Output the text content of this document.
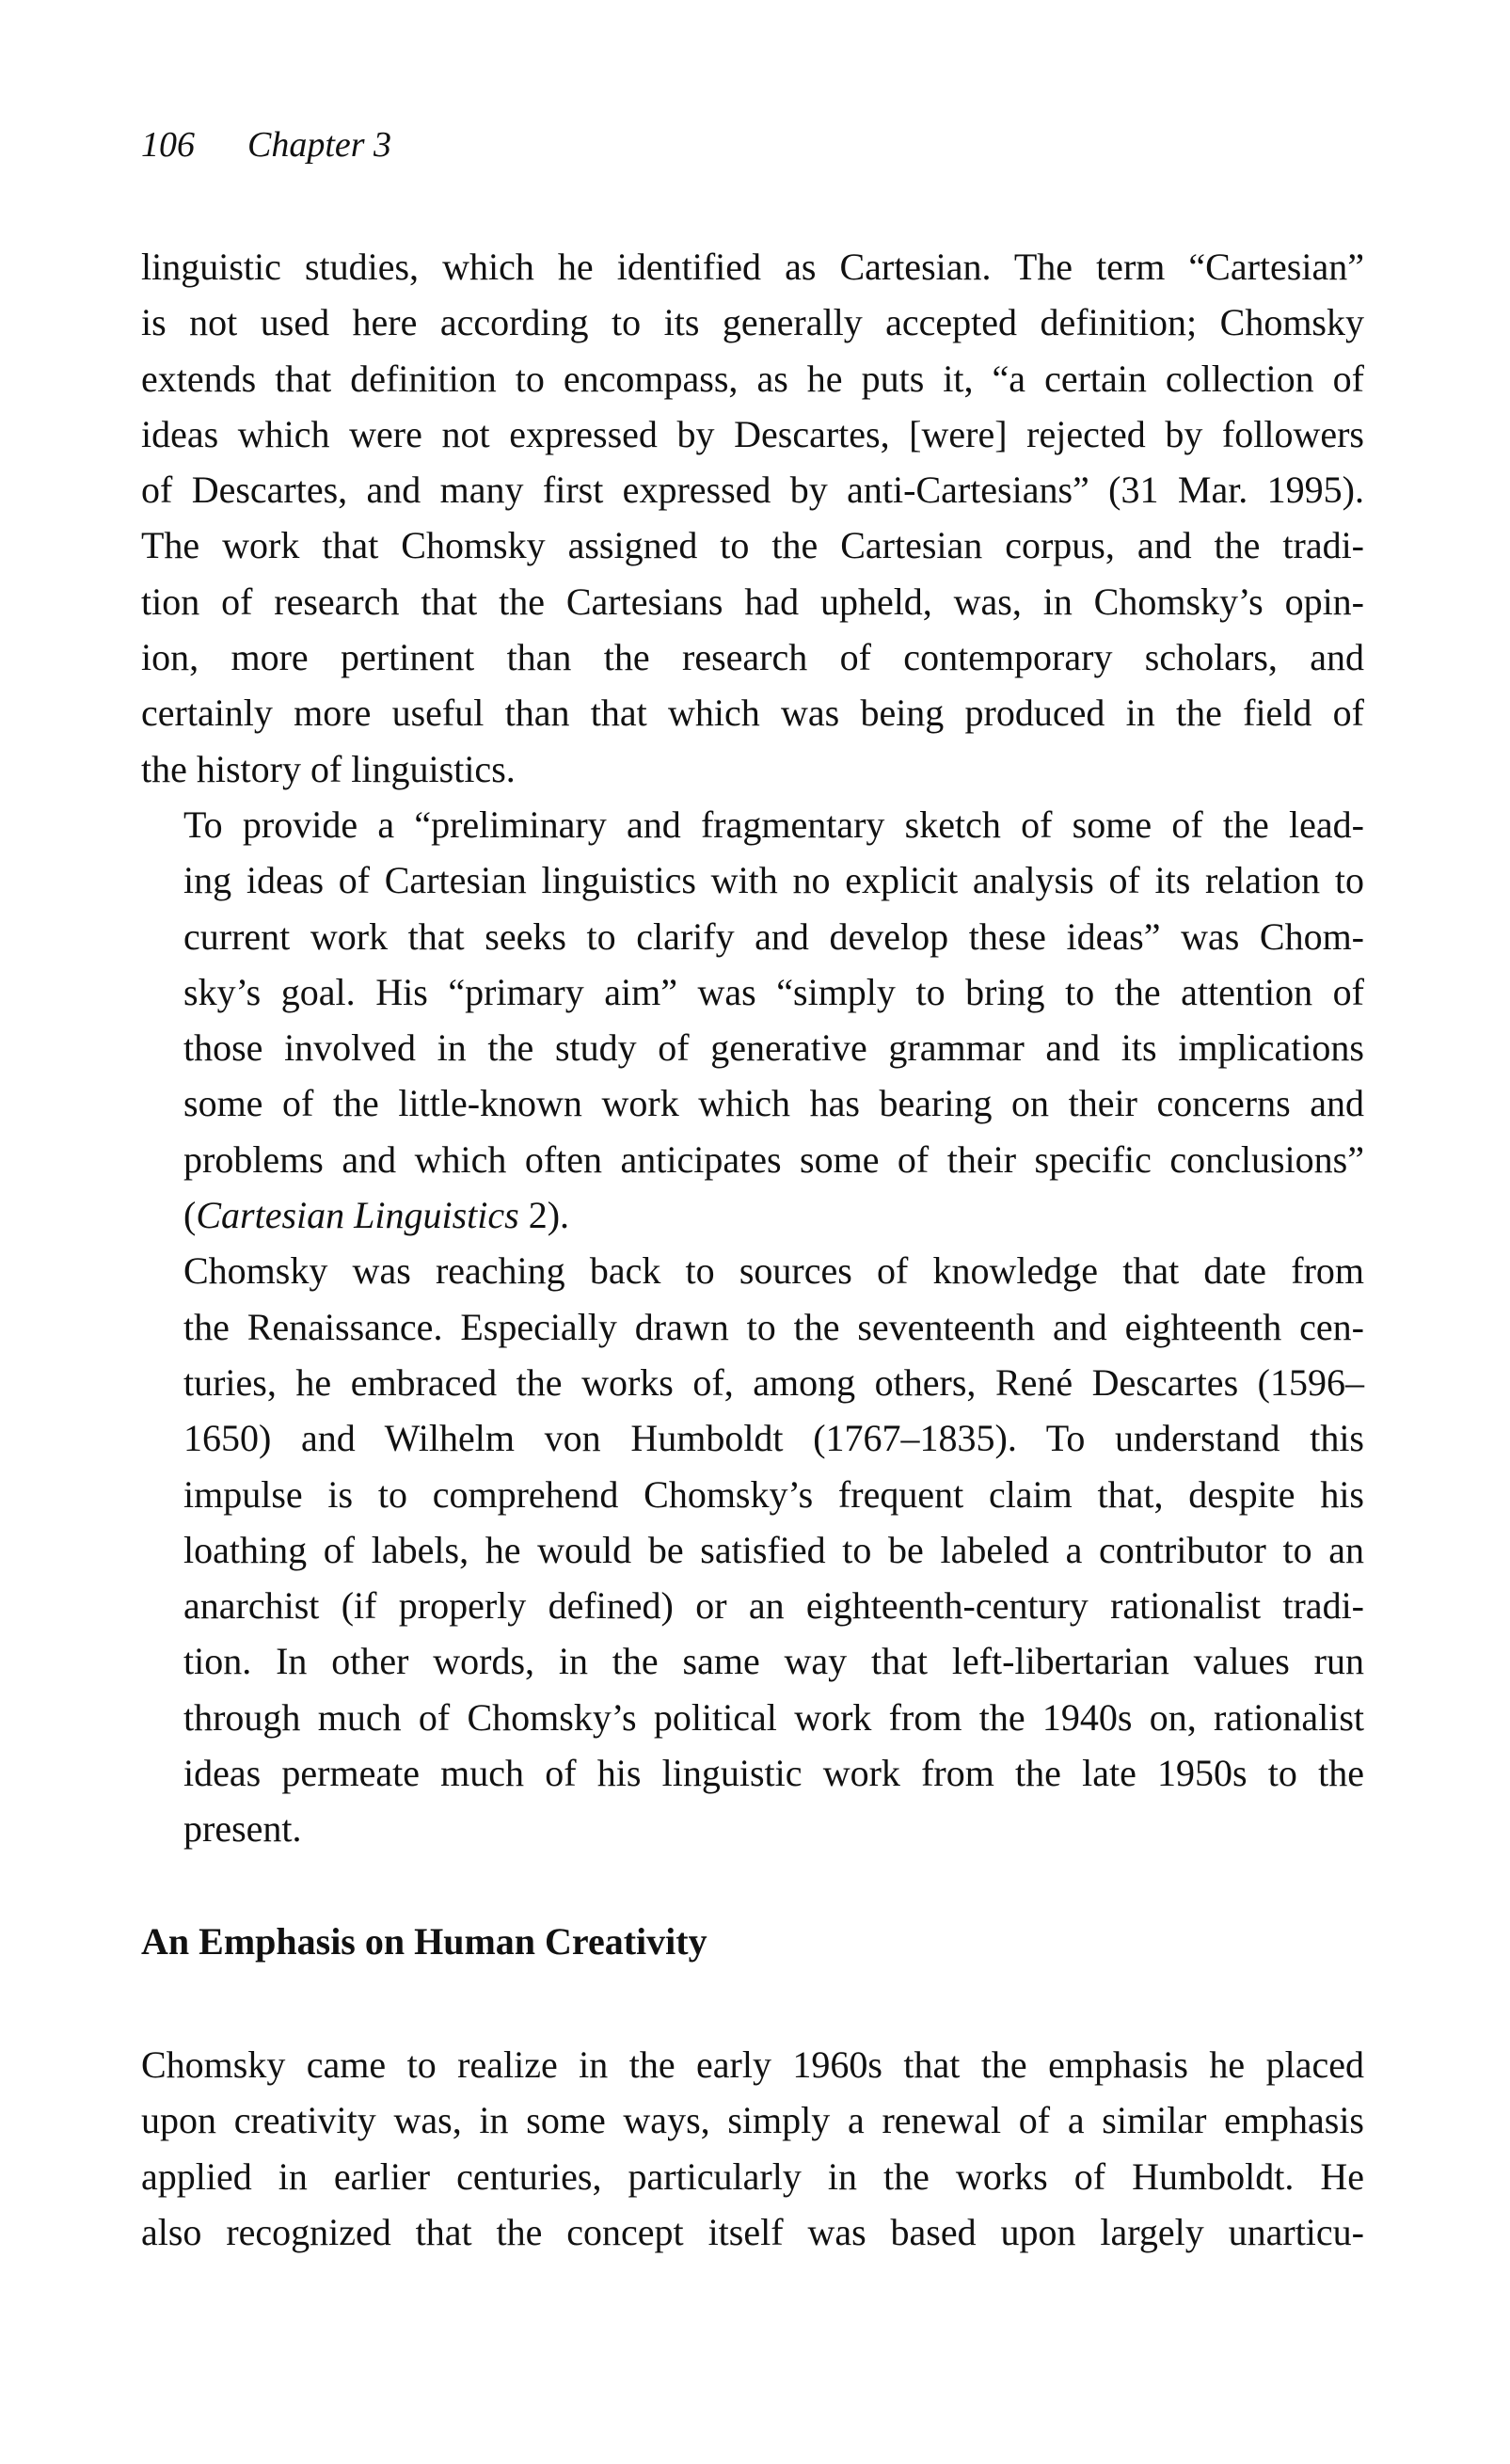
106 Chapter 3

linguistic studies, which he identified as Cartesian. The term “Cartesian”
is not used here according to its generally accepted definition; Chomsky
extends that definition to encompass, as he puts it, “a certain collection of
ideas which were not expressed by Descartes, [were] rejected by followers
of Descartes, and many first expressed by anti-Cartesians” (31 Mar. 1995).
The work that Chomsky assigned to the Cartesian corpus, and the tradi-
tion of research that the Cartesians had upheld, was, in Chomsky’s opin-
ion, more pertinent than the research of contemporary scholars, and
certainly more useful than that which was being produced in the field of
the history of linguistics.

To provide a “preliminary and fragmentary sketch of some of the lead-
ing ideas of Cartesian linguistics with no explicit analysis of its relation to
current work that seeks to clarify and develop these ideas” was Chom-
sky’s goal. His “primary aim” was “simply to bring to the attention of
those involved in the study of generative grammar and its implications
some of the little-known work which has bearing on their concerns and
problems and which often anticipates some of their specific conclusions”
(Cartesian Linguistics 2).

Chomsky was reaching back to sources of knowledge that date from
the Renaissance. Especially drawn to the seventeenth and eighteenth cen-
turies, he embraced the works of, among others, René Descartes (1596–
1650) and Wilhelm von Humboldt (1767–1835). To understand this
impulse is to comprehend Chomsky’s frequent claim that, despite his
loathing of labels, he would be satisfied to be labeled a contributor to an
anarchist (if properly defined) or an eighteenth-century rationalist tradi-
tion. In other words, in the same way that left-libertarian values run
through much of Chomsky’s political work from the 1940s on, rationalist
ideas permeate much of his linguistic work from the late 1950s to the
present.

An Emphasis on Human Creativity

Chomsky came to realize in the early 1960s that the emphasis he placed
upon creativity was, in some ways, simply a renewal of a similar emphasis
applied in earlier centuries, particularly in the works of Humboldt. He
also recognized that the concept itself was based upon largely unarticu-
